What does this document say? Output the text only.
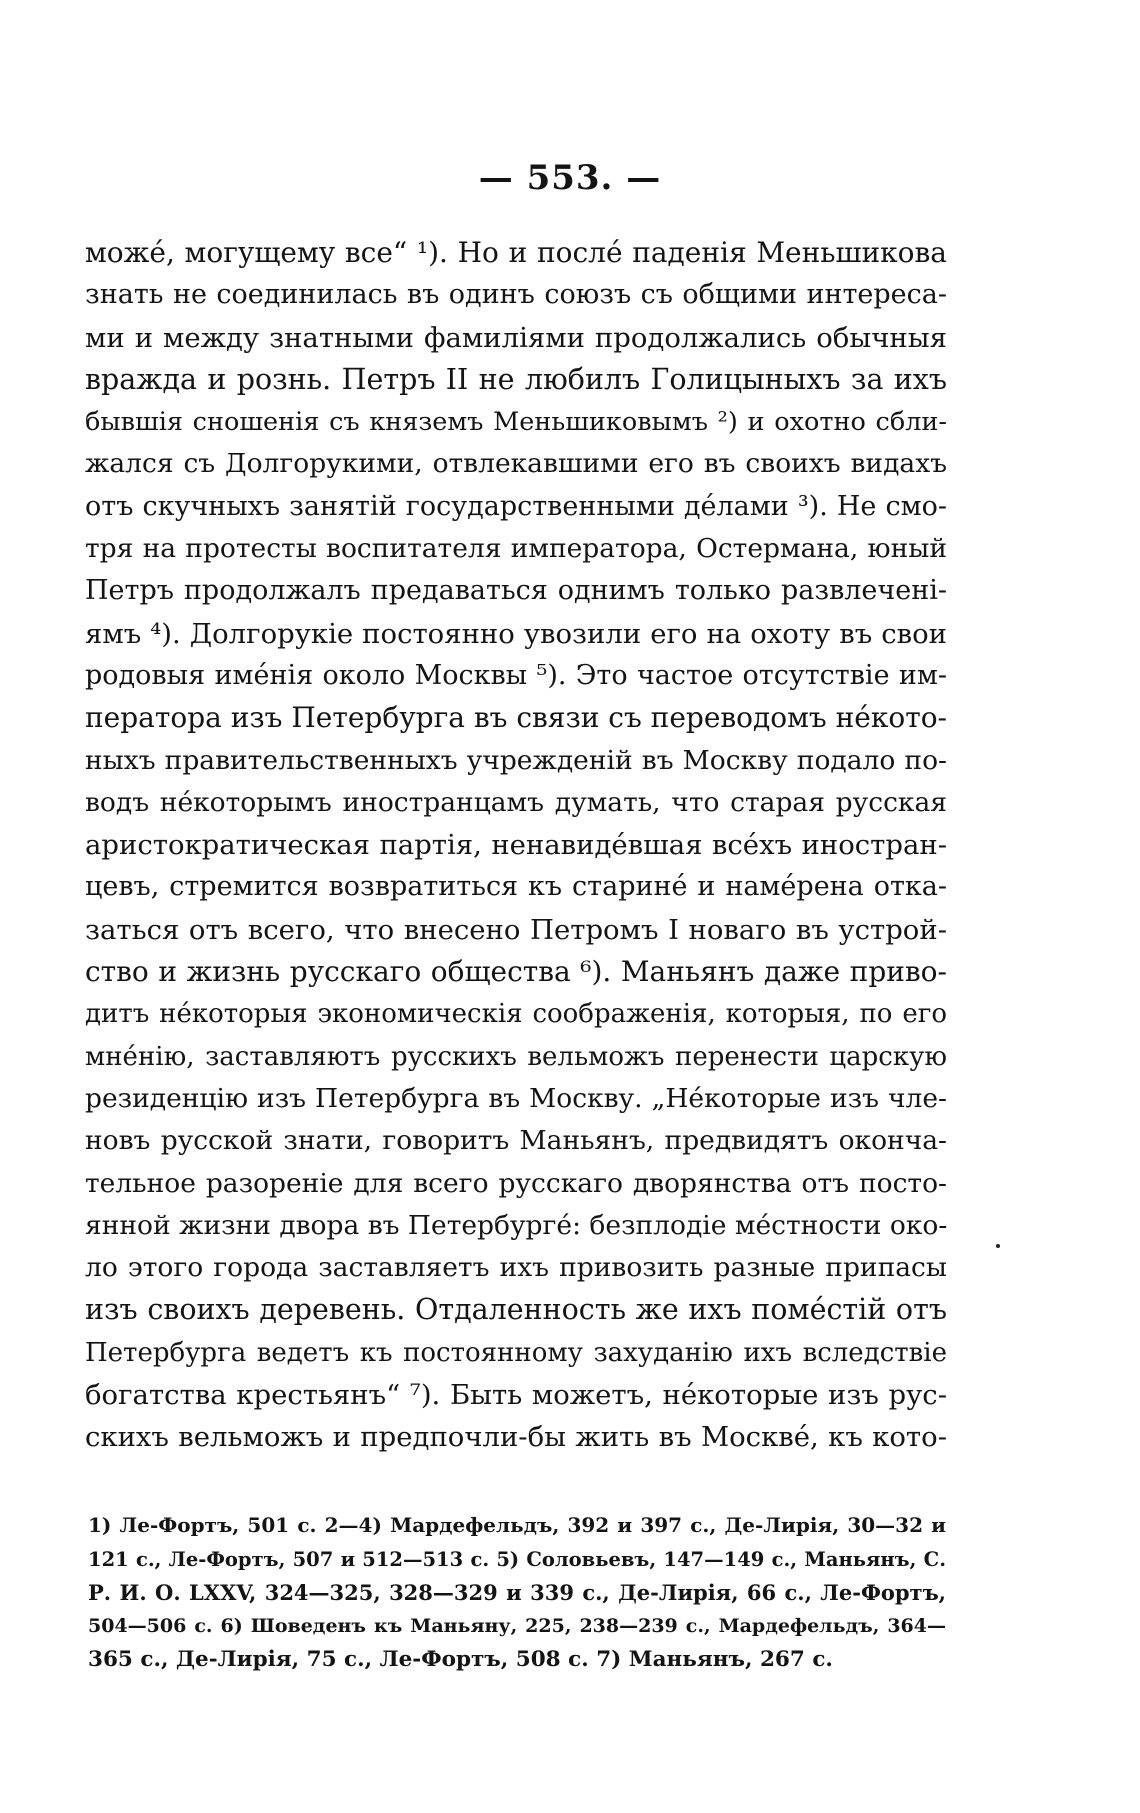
— 553. —
може́, могущему все“ ¹). Но и после́ паденія Меньшикова
знать не соединилась въ одинъ союзъ съ общими интереса-
ми и между знатными фамиліями продолжались обычныя
вражда и рознь. Петръ II не любилъ Голицыныхъ за ихъ
бывшія сношенія съ княземъ Меньшиковымъ ²) и охотно сбли-
жался съ Долгорукими, отвлекавшими его въ своихъ видахъ
отъ скучныхъ занятій государственными де́лами ³). Не смо-
тря на протесты воспитателя императора, Остермана, юный
Петръ продолжалъ предаваться однимъ только развлечені-
ямъ ⁴). Долгорукіе постоянно увозили его на охоту въ свои
родовыя име́нія около Москвы ⁵). Это частое отсутствіе им-
ператора изъ Петербурга въ связи съ переводомъ не́кото-
ныхъ правительственныхъ учрежденій въ Москву подало по-
водъ не́которымъ иностранцамъ думать, что старая русская
аристократическая партія, ненавиде́вшая все́хъ иностран-
цевъ, стремится возвратиться къ старине́ и наме́рена отка-
заться отъ всего, что внесено Петромъ I новаго въ устрой-
ство и жизнь русскаго общества ⁶). Маньянъ даже приво-
дитъ не́которыя экономическія соображенія, которыя, по его
мне́нію, заставляютъ русскихъ вельможъ перенести царскую
резиденцію изъ Петербурга въ Москву. „Не́которые изъ чле-
новъ русской знати, говоритъ Маньянъ, предвидятъ оконча-
тельное разореніе для всего русскаго дворянства отъ посто-
янной жизни двора въ Петербурге́: безплодіе ме́стности око-
ло этого города заставляетъ ихъ привозить разные припасы
изъ своихъ деревень. Отдаленность же ихъ поме́стій отъ
Петербурга ведетъ къ постоянному захуданію ихъ вследствіе
богатства крестьянъ“ ⁷). Быть можетъ, не́которые изъ рус-
скихъ вельможъ и предпочли-бы жить въ Москве́, къ кото-
1) Ле-Фортъ, 501 с. 2—4) Мардефельдъ, 392 и 397 с., Де-Лирія, 30—32 и
121 с., Ле-Фортъ, 507 и 512—513 с. 5) Соловьевъ, 147—149 с., Маньянъ, С.
Р. И. О. LXXV, 324—325, 328—329 и 339 с., Де-Лирія, 66 с., Ле-Фортъ,
504—506 с. 6) Шоведенъ къ Маньяну, 225, 238—239 с., Мардефельдъ, 364—
365 с., Де-Лирія, 75 с., Ле-Фортъ, 508 с. 7) Маньянъ, 267 с.
